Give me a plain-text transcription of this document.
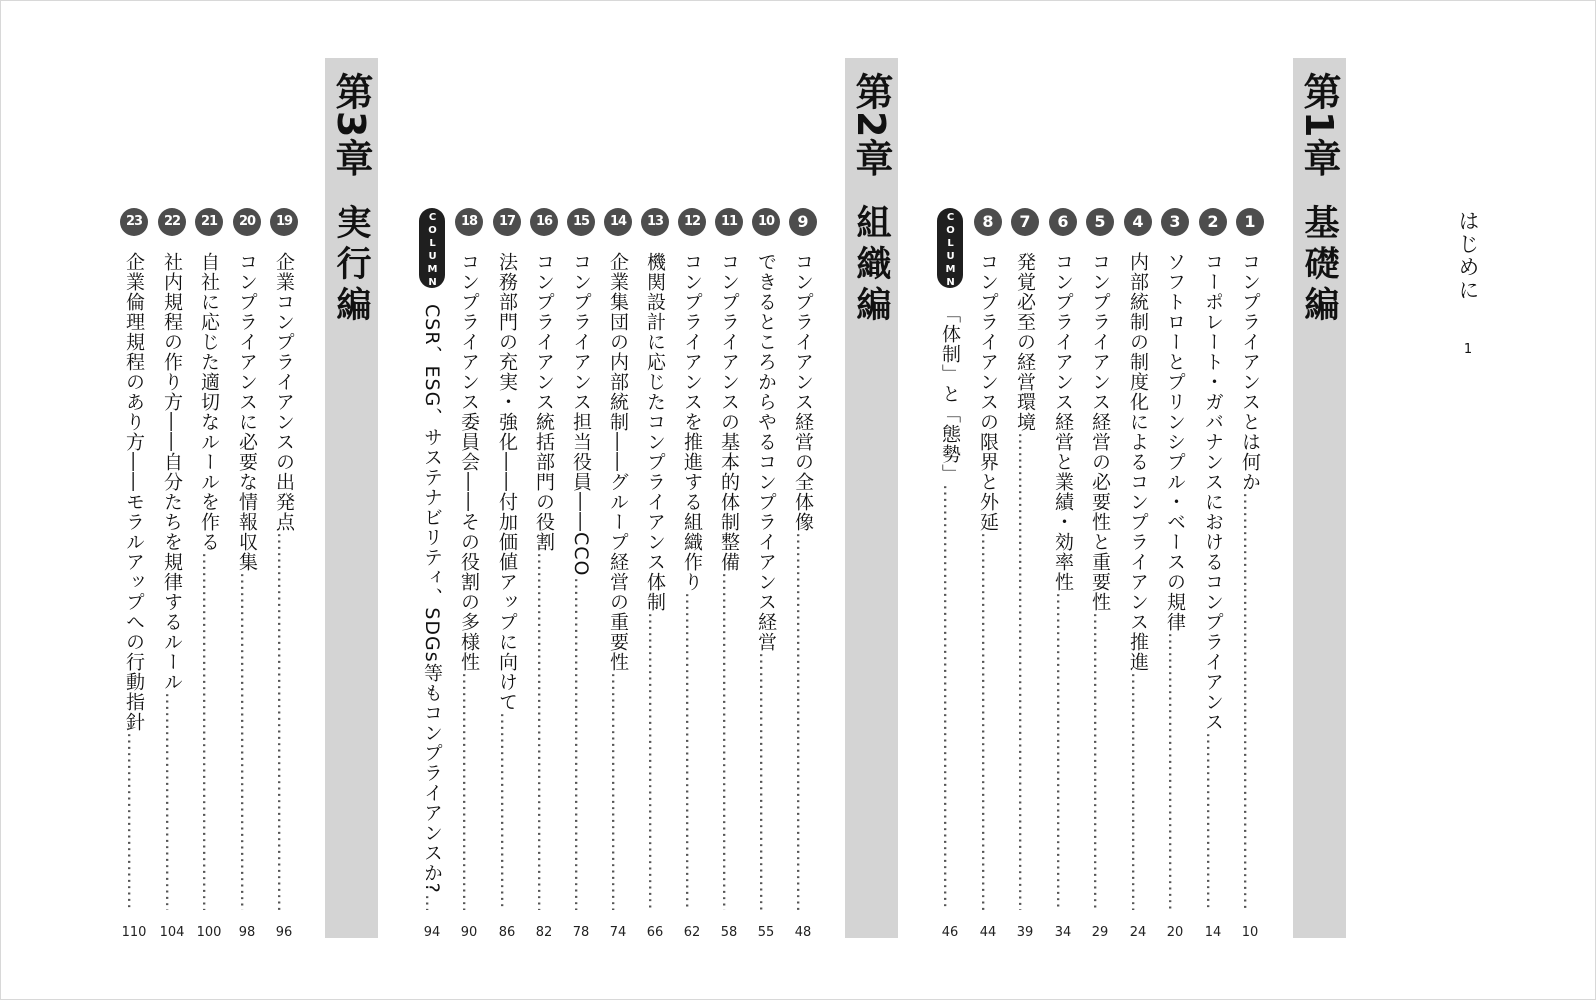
はじめに
1
第1章
基礎編
1
コンプライアンスとは何か …………………………………………………………………………………………………………………………………………………………
10
2
コーポレート・ガバナンスにおけるコンプライアンス …………………………………………………………………………………………………………………………………………………………
14
3
ソフトローとプリンシプル・ベースの規律 …………………………………………………………………………………………………………………………………………………………
20
4
内部統制の制度化によるコンプライアンス推進 …………………………………………………………………………………………………………………………………………………………
24
5
コンプライアンス経営の必要性と重要性 …………………………………………………………………………………………………………………………………………………………
29
6
コンプライアンス経営と業績・効率性 …………………………………………………………………………………………………………………………………………………………
34
7
発覚必至の経営環境 …………………………………………………………………………………………………………………………………………………………
39
8
コンプライアンスの限界と外延 …………………………………………………………………………………………………………………………………………………………
44
COLUMN
「体制」と「態勢」 …………………………………………………………………………………………………………………………………………………………
46
第2章
組織編
9
コンプライアンス経営の全体像 …………………………………………………………………………………………………………………………………………………………
48
10
できるところからやるコンプライアンス経営 …………………………………………………………………………………………………………………………………………………………
55
11
コンプライアンスの基本的体制整備 …………………………………………………………………………………………………………………………………………………………
58
12
コンプライアンスを推進する組織作り …………………………………………………………………………………………………………………………………………………………
62
13
機関設計に応じたコンプライアンス体制 …………………………………………………………………………………………………………………………………………………………
66
14
企業集団の内部統制――グループ経営の重要性 …………………………………………………………………………………………………………………………………………………………
74
15
コンプライアンス担当役員――CCO …………………………………………………………………………………………………………………………………………………………
78
16
コンプライアンス統括部門の役割 …………………………………………………………………………………………………………………………………………………………
82
17
法務部門の充実・強化――付加価値アップに向けて …………………………………………………………………………………………………………………………………………………………
86
18
コンプライアンス委員会――その役割の多様性 …………………………………………………………………………………………………………………………………………………………
90
COLUMN
CSR、ESG、サステナビリティ、SDGs等もコンプライアンスか? …………………………………………………………………………………………………………………………………………………………
94
第3章
実行編
19
企業コンプライアンスの出発点 …………………………………………………………………………………………………………………………………………………………
96
20
コンプライアンスに必要な情報収集 …………………………………………………………………………………………………………………………………………………………
98
21
自社に応じた適切なルールを作る …………………………………………………………………………………………………………………………………………………………
100
22
社内規程の作り方――自分たちを規律するルール …………………………………………………………………………………………………………………………………………………………
104
23
企業倫理規程のあり方――モラルアップへの行動指針 …………………………………………………………………………………………………………………………………………………………
110
